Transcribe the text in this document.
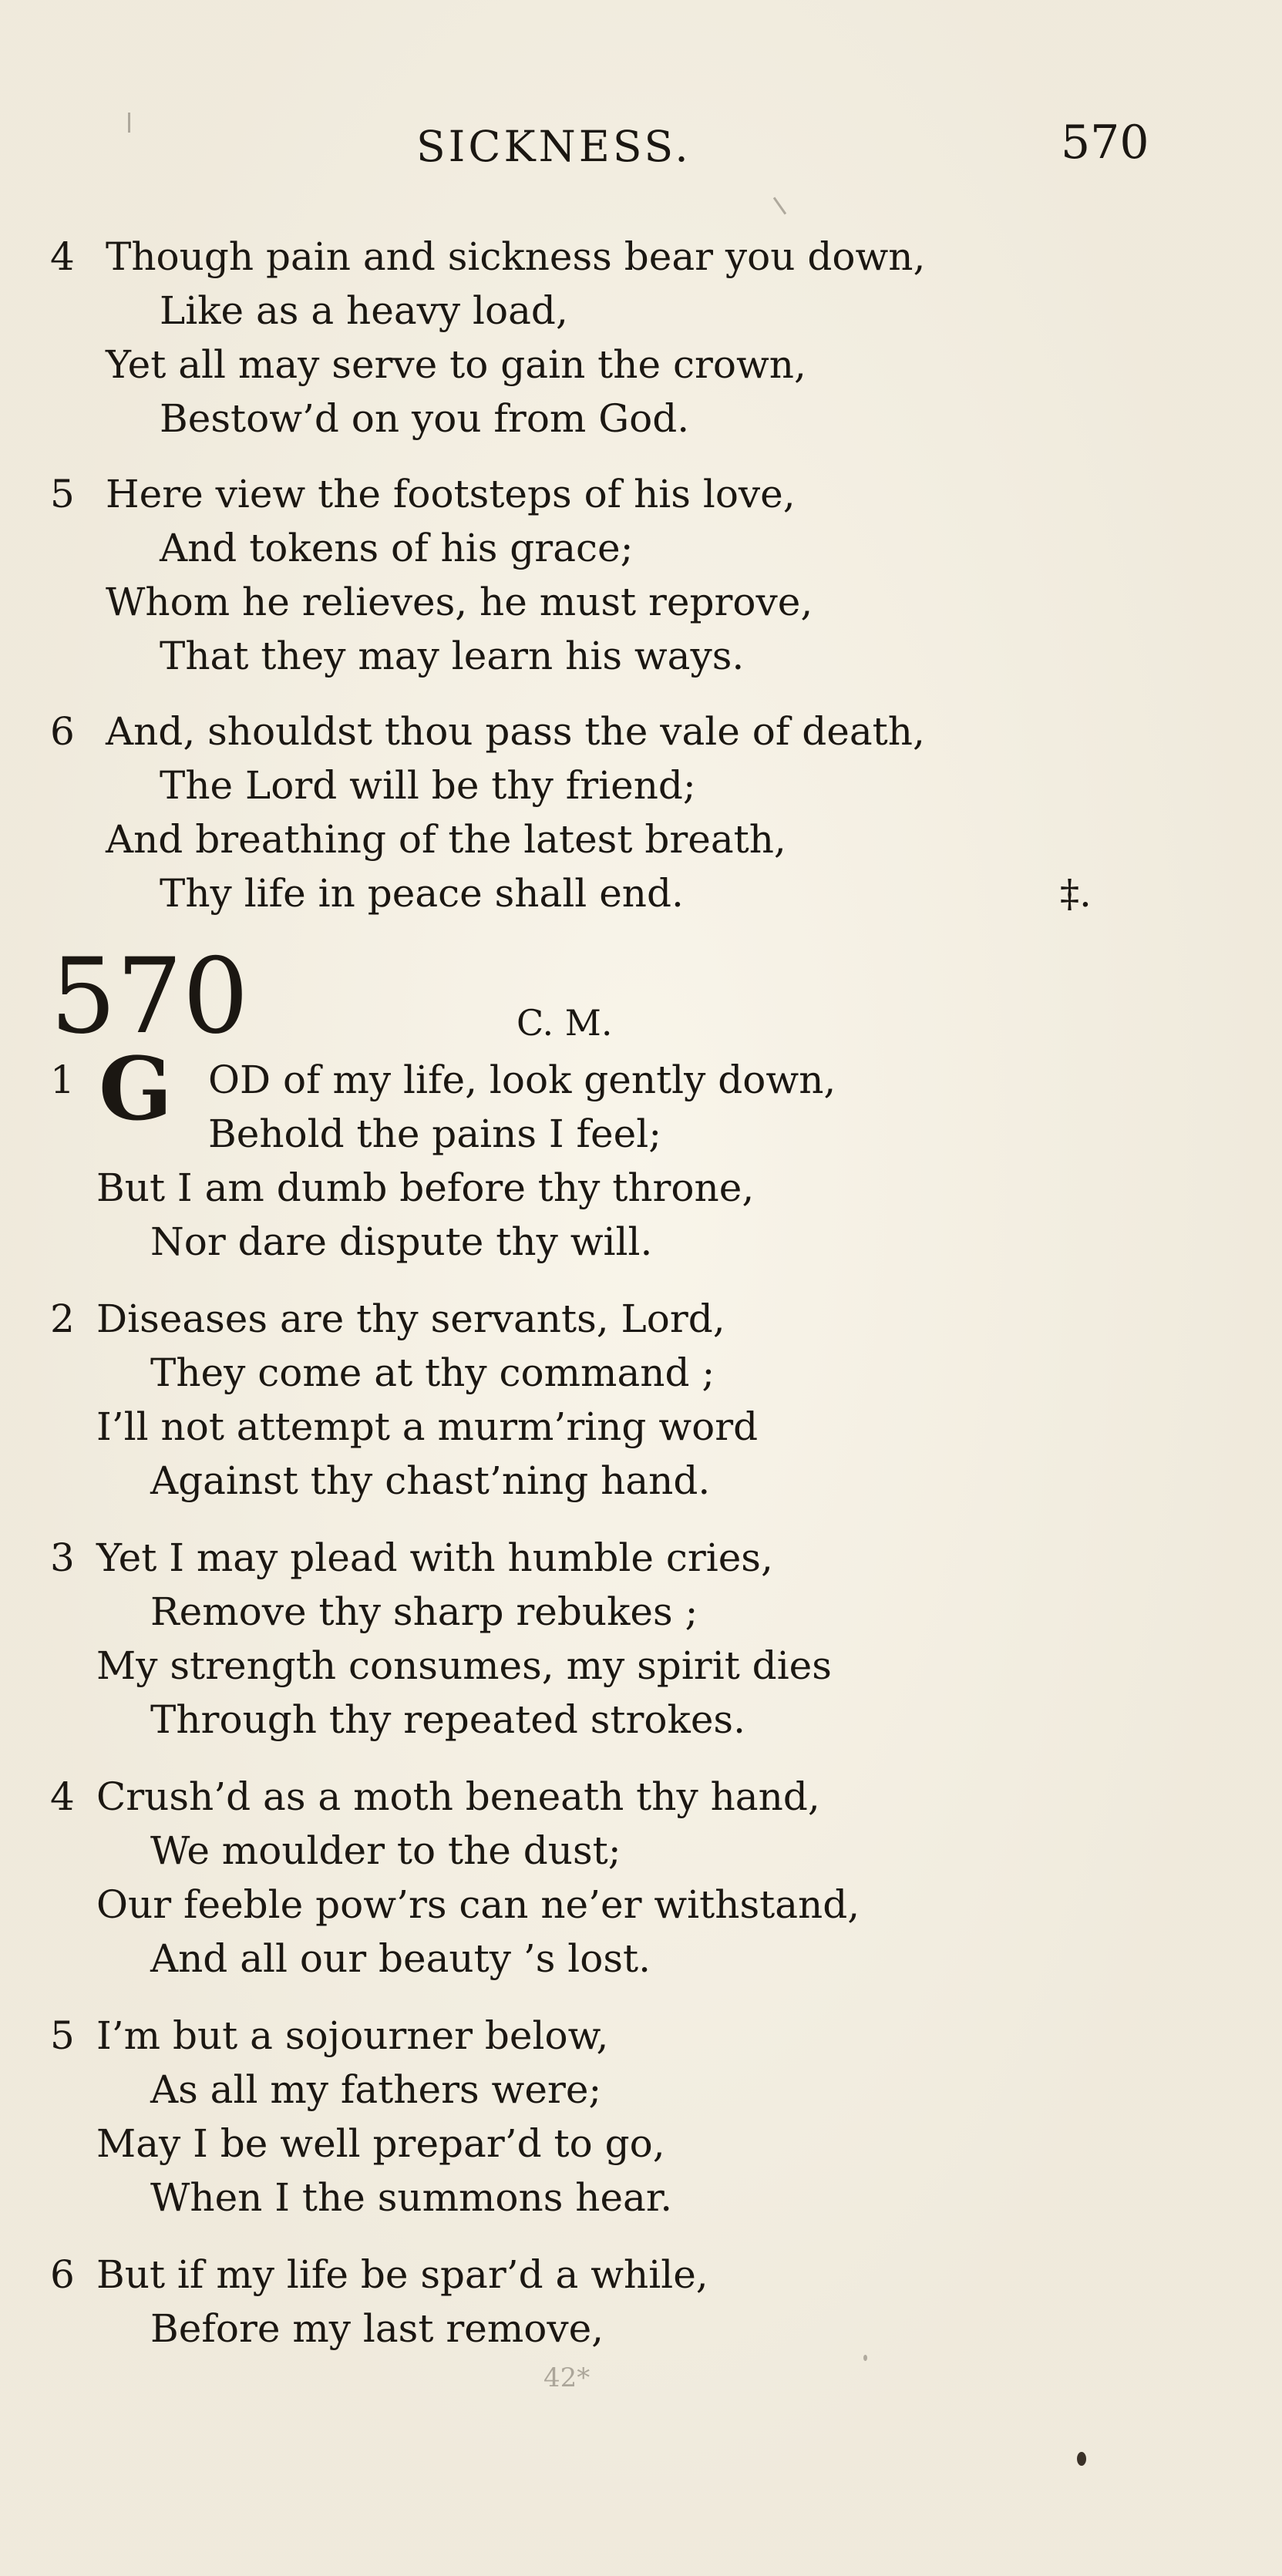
SICKNESS.	570
4 Though pain and sickness bear you down,
Like as a heavy load,
Yet all may serve to gain the crown,
Bestow’d on you from God.
5 Here view the footsteps of his love,
And tokens of his grace;
Whom he relieves, he must reprove,
That they may learn his ways.
6 And, shouldst thou pass the vale of death,
The Lord will be thy friend;
And breathing of the latest breath,
Thy life in peace shall end.	‡.
570	C. M.
1 G OD of my life, look gently down,
Behold the pains I feel;
But I am dumb before thy throne,
Nor dare dispute thy will.
2 Diseases are thy servants, Lord,
They come at thy command ;
I’ll not attempt a murm’ring word
Against thy chast’ning hand.
3 Yet I may plead with humble cries,
Remove thy sharp rebukes ;
My strength consumes, my spirit dies
Through thy repeated strokes.
4 Crush’d as a moth beneath thy hand,
We moulder to the dust;
Our feeble pow’rs can ne’er withstand,
And all our beauty ’s lost.
5 I’m but a sojourner below,
As all my fathers were;
May I be well prepar’d to go,
When I the summons hear.
6 But if my life be spar’d a while,
Before my last remove,
42*
